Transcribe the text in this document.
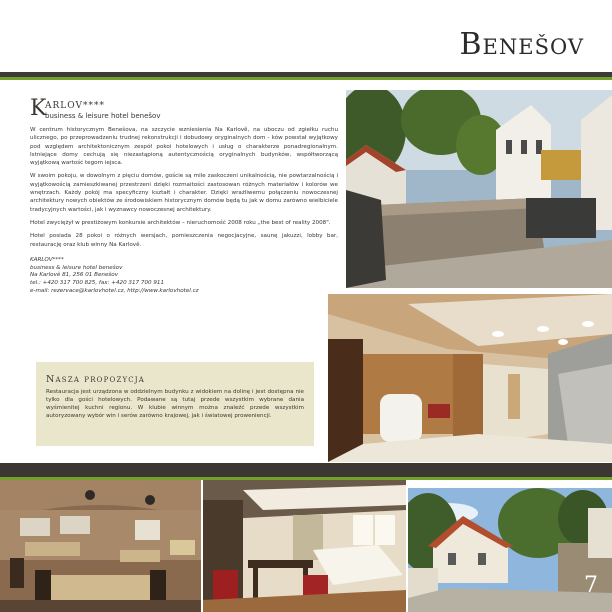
Benešov
K
ARLOV****
business & leisure hotel benešov

W centrum historycznym Benešova, na szczycie wzniesienia Na Karlově, na uboczu od zgiełku ruchu ulicznego, po przeprowadzeniu trudnej rekonstrukcji i dobudowy oryginalnych dom - ków powstał wyjątkowy pod względem architektonicznym zespół pokoi hotelowych i usług o charakterze ponadregionalnym. Istniejące domy cechują się niezastąpioną autentycznością oryginalnych budynków, współtworzącą wyjątkową wartość tegom iejsca.

W swoim pokoju, w dowolnym z pięciu domów, goście są mile zaskoczeni unikalnością, nie powtarzalnością i wyjątkowością zamieszkiwanej przestrzeni dzięki rozmaitości zastosowan różnych materiałów i kolorów we wnętrzach. Każdy pokój ma specyficzny kształt i charakter. Dzięki wrażliwemu połączeniu nowoczesnej architektury nowych obiektów ze środowiskiem historycznym domów będą tu jak w domu zarówno wielbiciele tradycyjnych wartości, jak i wyznawcy nowoczesnej architektury.

Hotel zwyciężył w prestiżowym konkursie architektów – nieruchomość 2008 roku „the best of reality 2008".

Hotel posiada 28 pokoi o różnych wersjach, pomieszczenia negocjacyjne, saunę jakuzzi, lobby bar, restaurację oraz klub winny Na Karlově.

KARLOV****
business & leisure hotel benešov
Na Karlově 81, 256 01 Benešov
tel.: +420 317 700 825, fax: +420 317 700 911
e-mail: rezervace@karlovhotel.cz, http://www.karlovhotel.cz
Nasza propozycja
Restauracja jest urządzona w oddzielnym budynku z widokiem na dolinę i jest dostępna nie tylko dla gości hotelowych. Podawane są tutaj przede wszystkim wybrane dania wyśmienitej kuchni regionu. W klubie winnym można znaleźć przede wszystkim autoryzowany wybór win i serów zarówno krajowej, jak i światowej proweniencji.
7
